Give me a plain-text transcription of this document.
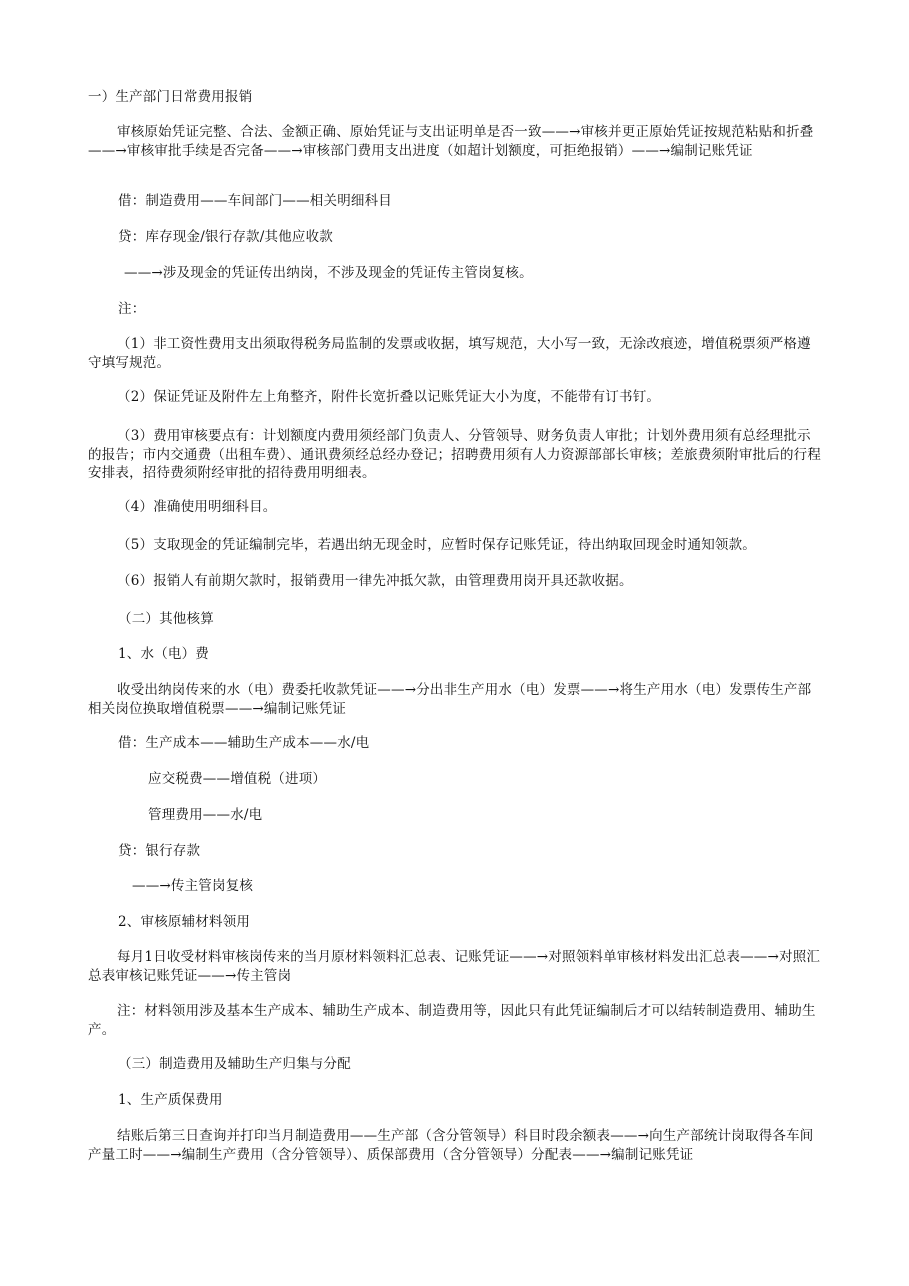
一）生产部门日常费用报销
审核原始凭证完整、合法、金额正确、原始凭证与支出证明单是否一致——→审核并更正原始凭证按规范粘贴和折叠——→审核审批手续是否完备——→审核部门费用支出进度（如超计划额度，可拒绝报销）——→编制记账凭证
借：制造费用——车间部门——相关明细科目
贷：库存现金/银行存款/其他应收款
——→涉及现金的凭证传出纳岗，不涉及现金的凭证传主管岗复核。
注：
（1）非工资性费用支出须取得税务局监制的发票或收据，填写规范，大小写一致，无涂改痕迹，增值税票须严格遵守填写规范。
（2）保证凭证及附件左上角整齐，附件长宽折叠以记账凭证大小为度，不能带有订书钉。
（3）费用审核要点有：计划额度内费用须经部门负责人、分管领导、财务负责人审批；计划外费用须有总经理批示的报告；市内交通费（出租车费）、通讯费须经总经办登记；招聘费用须有人力资源部部长审核；差旅费须附审批后的行程安排表，招待费须附经审批的招待费用明细表。
（4）准确使用明细科目。
（5）支取现金的凭证编制完毕，若遇出纳无现金时，应暂时保存记账凭证，待出纳取回现金时通知领款。
（6）报销人有前期欠款时，报销费用一律先冲抵欠款，由管理费用岗开具还款收据。
（二）其他核算
1、水（电）费
收受出纳岗传来的水（电）费委托收款凭证——→分出非生产用水（电）发票——→将生产用水（电）发票传生产部相关岗位换取增值税票——→编制记账凭证
借：生产成本——辅助生产成本——水/电
应交税费——增值税（进项）
管理费用——水/电
贷：银行存款
——→传主管岗复核
2、审核原辅材料领用
每月1日收受材料审核岗传来的当月原材料领料汇总表、记账凭证——→对照领料单审核材料发出汇总表——→对照汇总表审核记账凭证——→传主管岗
注：材料领用涉及基本生产成本、辅助生产成本、制造费用等，因此只有此凭证编制后才可以结转制造费用、辅助生产。
（三）制造费用及辅助生产归集与分配
1、生产质保费用
结账后第三日查询并打印当月制造费用——生产部（含分管领导）科目时段余额表——→向生产部统计岗取得各车间产量工时——→编制生产费用（含分管领导）、质保部费用（含分管领导）分配表——→编制记账凭证
